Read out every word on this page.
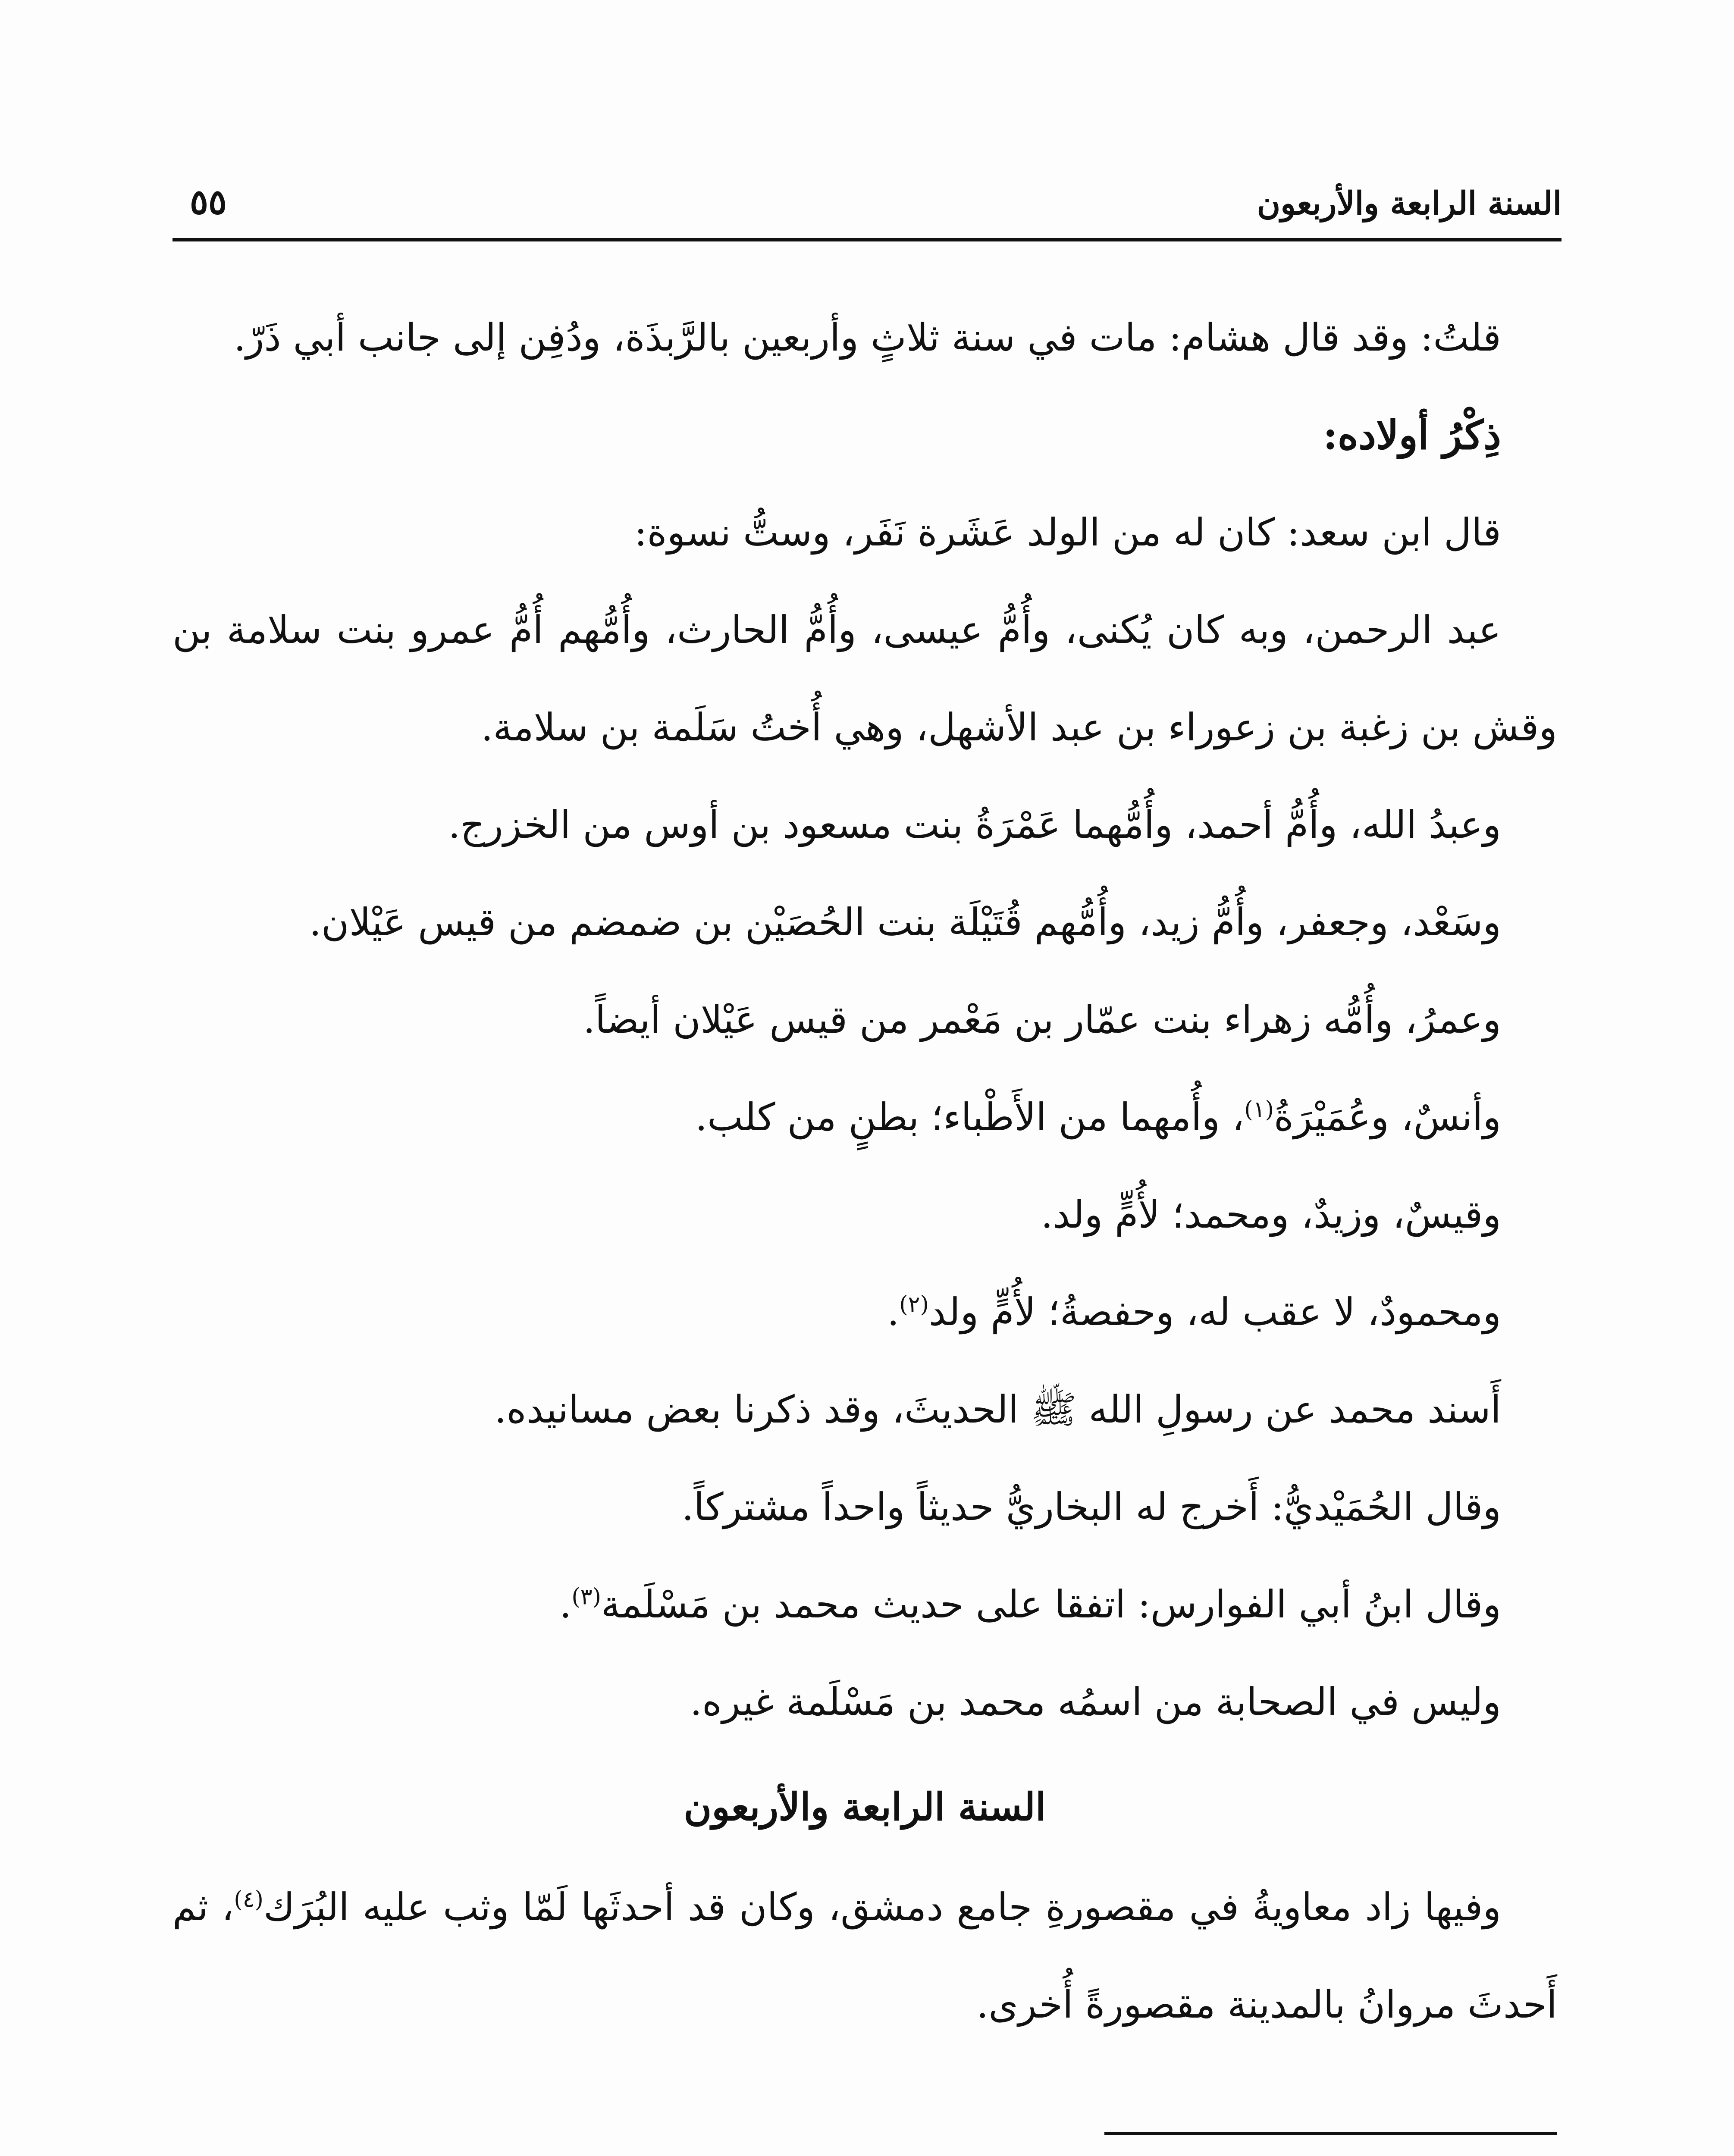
السنة الرابعة والأربعون
٥٥

قلتُ: وقد قال هشام: مات في سنة ثلاثٍ وأربعين بالرَّبذَة، ودُفِن إلى جانب أبي ذَرّ.

ذِكْرُ أولاده:

قال ابن سعد: كان له من الولد عَشَرة نَفَر، وستُّ نسوة:

عبد الرحمن، وبه كان يُكنى، وأُمُّ عيسى، وأُمُّ الحارث، وأُمُّهم أُمُّ عمرو بنت سلامة بن وقش بن زغبة بن زعوراء بن عبد الأشهل، وهي أُختُ سَلَمة بن سلامة.

وعبدُ الله، وأُمُّ أحمد، وأُمُّهما عَمْرَةُ بنت مسعود بن أوس من الخزرج.

وسَعْد، وجعفر، وأُمُّ زيد، وأُمُّهم قُتَيْلَة بنت الحُصَيْن بن ضمضم من قيس عَيْلان.

وعمرُ، وأُمُّه زهراء بنت عمّار بن مَعْمر من قيس عَيْلان أيضاً.

وأنسٌ، وعُمَيْرَةُ$^{(١)}$، وأُمهما من الأَطْباء؛ بطنٍ من كلب.

وقيسٌ، وزيدٌ، ومحمد؛ لأُمٍّ ولد.

ومحمودٌ، لا عقب له، وحفصةُ؛ لأُمٍّ ولد$^{(٢)}$.

أَسند محمد عن رسولِ الله ﷺ الحديثَ، وقد ذكرنا بعض مسانيده.

وقال الحُمَيْديُّ: أَخرج له البخاريُّ حديثاً واحداً مشتركاً.

وقال ابنُ أبي الفوارس: اتفقا على حديث محمد بن مَسْلَمة$^{(٣)}$.

وليس في الصحابة من اسمُه محمد بن مَسْلَمة غيره.

السنة الرابعة والأربعون

وفيها زاد معاويةُ في مقصورةِ جامع دمشق، وكان قد أحدثَها لَمّا وثب عليه البُرَك$^{(٤)}$، ثم أَحدثَ مروانُ بالمدينة مقصورةً أُخرى.
